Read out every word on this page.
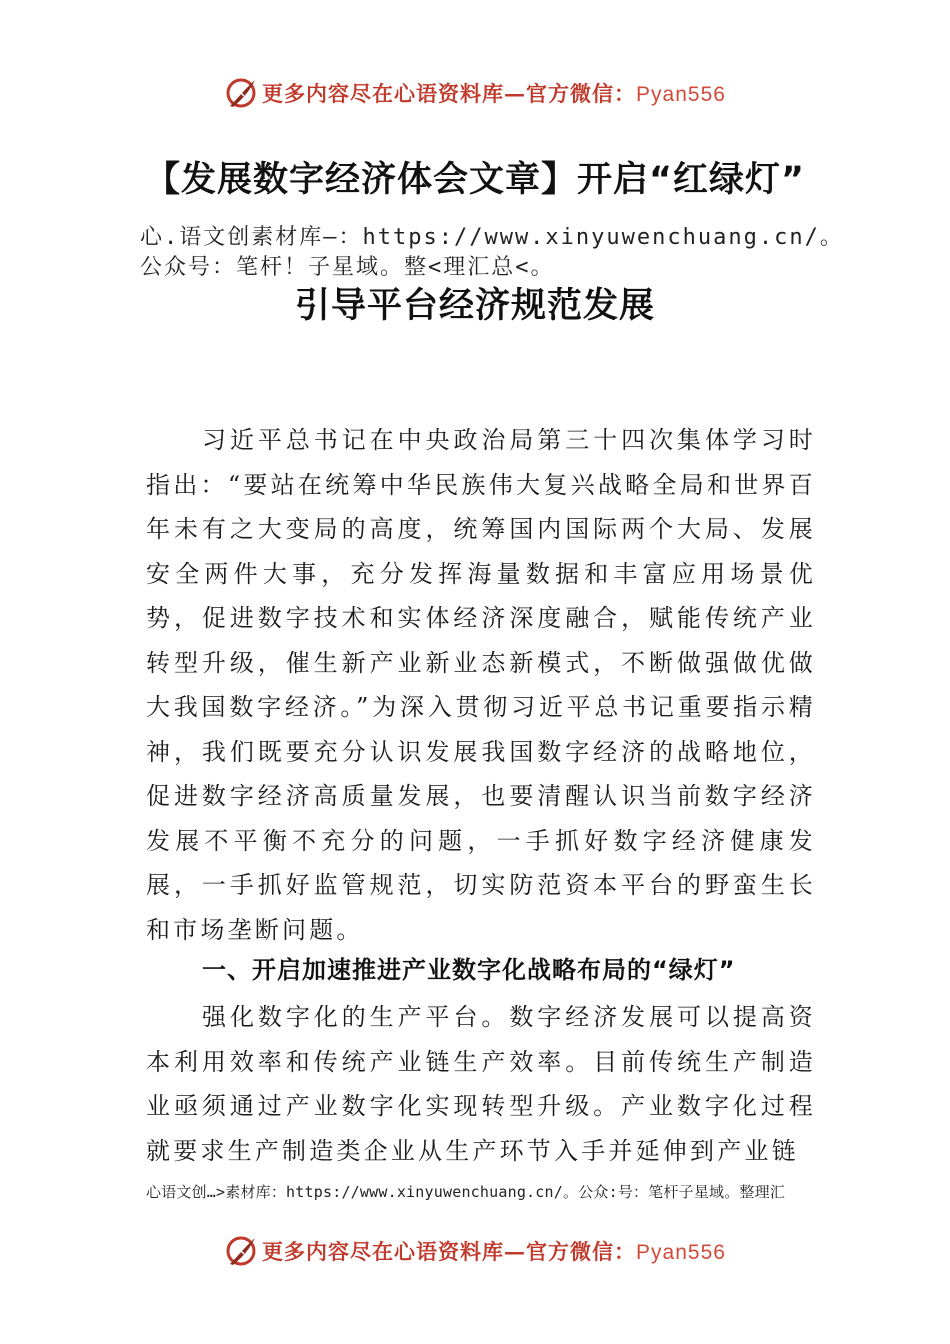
更多内容尽在心语资料库—官方微信：Pyan556
【发展数字经济体会文章】开启“红绿灯”
心.语文创素材库—：https://www.xinyuwenchuang.cn/。
公众号：笔杆！子星域。整<理汇总<。
引导平台经济规范发展
习近平总书记在中央政治局第三十四次集体学习时指出：“要站在统筹中华民族伟大复兴战略全局和世界百年未有之大变局的高度，统筹国内国际两个大局、发展安全两件大事，充分发挥海量数据和丰富应用场景优势，促进数字技术和实体经济深度融合，赋能传统产业转型升级，催生新产业新业态新模式，不断做强做优做大我国数字经济。”为深入贯彻习近平总书记重要指示精神，我们既要充分认识发展我国数字经济的战略地位，促进数字经济高质量发展，也要清醒认识当前数字经济发展不平衡不充分的问题，一手抓好数字经济健康发展，一手抓好监管规范，切实防范资本平台的野蛮生长和市场垄断问题。
一、开启加速推进产业数字化战略布局的“绿灯”
强化数字化的生产平台。数字经济发展可以提高资本利用效率和传统产业链生产效率。目前传统生产制造业亟须通过产业数字化实现转型升级。产业数字化过程就要求生产制造类企业从生产环节入手并延伸到产业链
心语文创…>素材库：https://www.xinyuwenchuang.cn/。公众:号：笔杆子星域。整理汇
更多内容尽在心语资料库—官方微信：Pyan556
